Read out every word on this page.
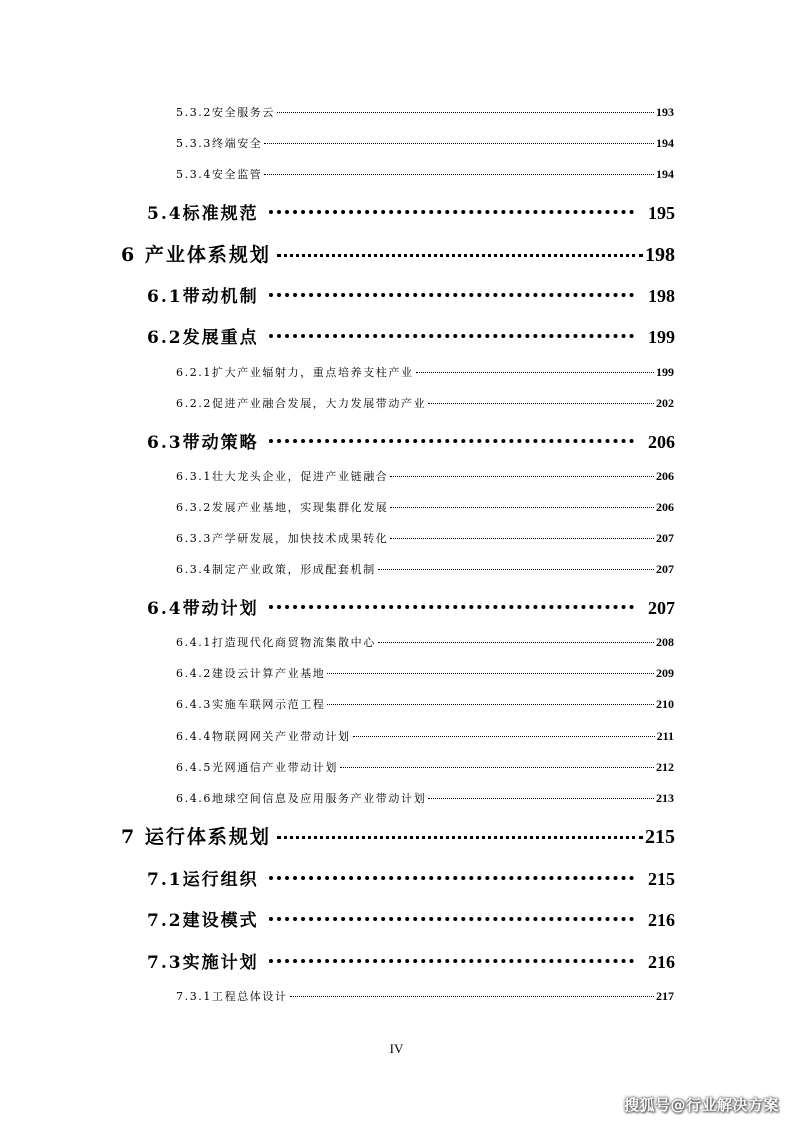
5.3.2安全服务云	193
5.3.3终端安全	194
5.3.4安全监管	194
5.4标准规范	195
6 产业体系规划	198
6.1带动机制	198
6.2发展重点	199
6.2.1扩大产业辐射力，重点培养支柱产业	199
6.2.2促进产业融合发展，大力发展带动产业	202
6.3带动策略	206
6.3.1壮大龙头企业，促进产业链融合	206
6.3.2发展产业基地，实现集群化发展	206
6.3.3产学研发展，加快技术成果转化	207
6.3.4制定产业政策，形成配套机制	207
6.4带动计划	207
6.4.1打造现代化商贸物流集散中心	208
6.4.2建设云计算产业基地	209
6.4.3实施车联网示范工程	210
6.4.4物联网网关产业带动计划	211
6.4.5光网通信产业带动计划	212
6.4.6地球空间信息及应用服务产业带动计划	213
7 运行体系规划	215
7.1运行组织	215
7.2建设模式	216
7.3实施计划	216
7.3.1工程总体设计	217
IV
搜狐号@行业解决方案
